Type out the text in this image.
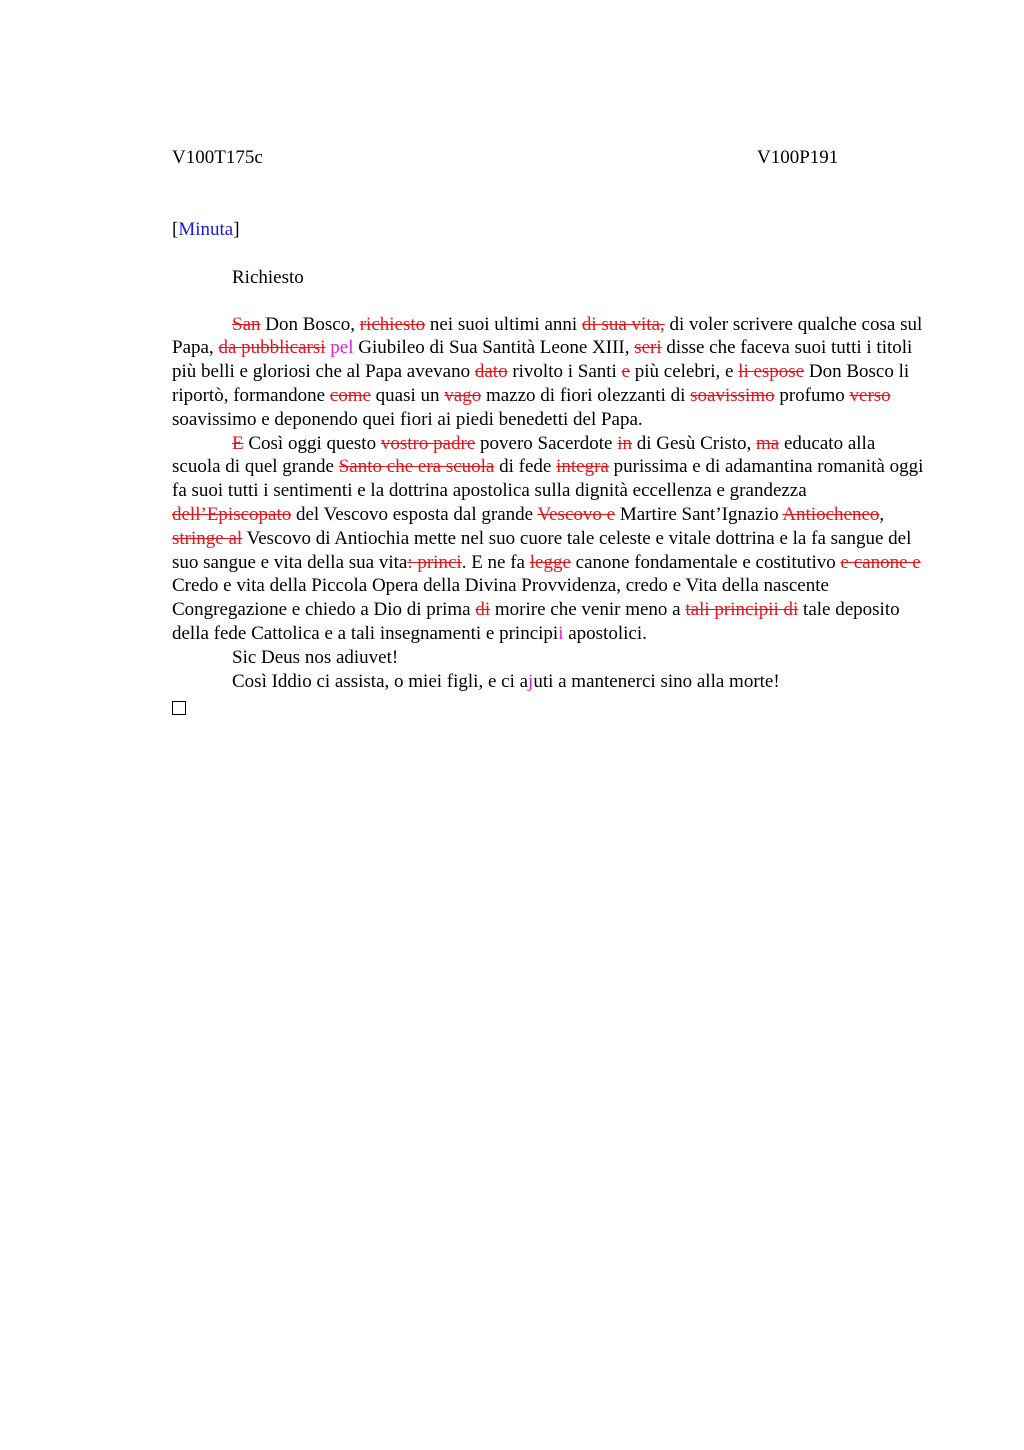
V100T175c	V100P191
[Minuta]
Richiesto

San Don Bosco, richiesto nei suoi ultimi anni di sua vita, di voler scrivere qualche cosa sul Papa, da pubblicarsi pel Giubileo di Sua Santità Leone XIII, seri disse che faceva suoi tutti i titoli più belli e gloriosi che al Papa avevano dato rivolto i Santi e più celebri, e li espose Don Bosco li riportò, formandone come quasi un vago mazzo di fiori olezzanti di soavissimo profumo verso soavissimo e deponendo quei fiori ai piedi benedetti del Papa.

E Così oggi questo vostro padre povero Sacerdote in di Gesù Cristo, ma educato alla scuola di quel grande Santo che era scuola di fede integra purissima e di adamantina romanità oggi fa suoi tutti i sentimenti e la dottrina apostolica sulla dignità eccellenza e grandezza dell’Episcopato del Vescovo esposta dal grande Vescovo e Martire Sant’Ignazio Antiocheneo, stringe al Vescovo di Antiochia mette nel suo cuore tale celeste e vitale dottrina e la fa sangue del suo sangue e vita della sua vita: princi. E ne fa legge canone fondamentale e costitutivo e canone e Credo e vita della Piccola Opera della Divina Provvidenza, credo e Vita della nascente Congregazione e chiedo a Dio di prima di morire che venir meno a tali principii di tale deposito della fede Cattolica e a tali insegnamenti e principii apostolici.

Sic Deus nos adiuvet!
Così Iddio ci assista, o miei figli, e ci ajuti a mantenerci sino alla morte!
